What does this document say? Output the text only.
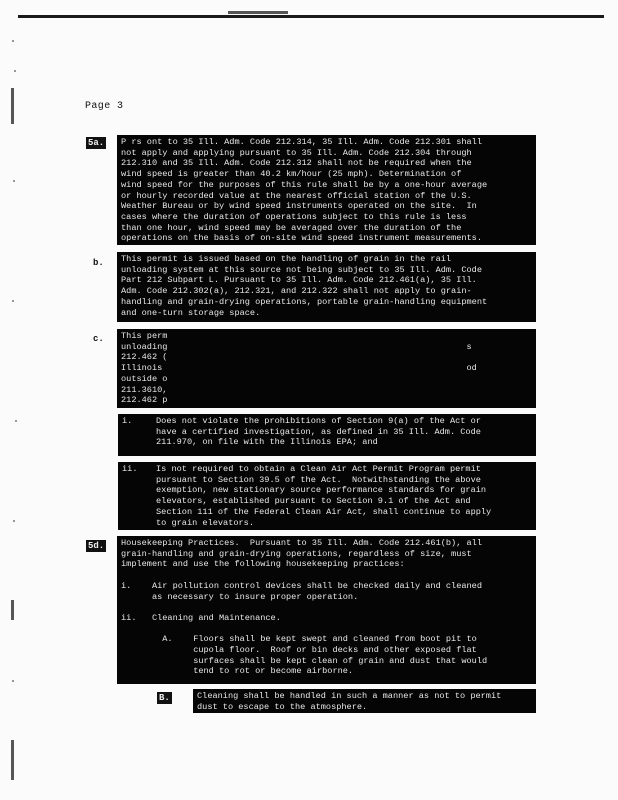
Page 3
5a. P rs ont to 35 Ill. Adm. Code 212.314, 35 Ill. Adm. Code 212.301 shall
not apply and applying pursuant to 35 Ill. Adm. Code 212.304 through
212.310 and 35 Ill. Adm. Code 212.312 shall not be required when the
wind speed is greater than 40.2 km/hour (25 mph). Determination of
wind speed for the purposes of this rule shall be by a one-hour average
or hourly recorded value at the nearest official station of the U.S.
Weather Bureau or by wind speed instruments operated on the site.  In
cases where the duration of operations subject to this rule is less
than one hour, wind speed may be averaged over the duration of the
operations on the basis of on-site wind speed instrument measurements.
b. This permit is issued based on the handling of grain in the rail
unloading system at this source not being subject to 35 Ill. Adm. Code
Part 212 Subpart L. Pursuant to 35 Ill. Adm. Code 212.461(a), 35 Ill.
Adm. Code 212.302(a), 212.321, and 212.322 shall not apply to grain-
handling and grain-drying operations, portable grain-handling equipment
and one-turn storage space.
c. This perm
unloading                                                          s
212.462 (
Illinois                                                           od
outside o
211.3610,
212.462 p
i.	Does not violate the prohibitions of Section 9(a) of the Act or
have a certified investigation, as defined in 35 Ill. Adm. Code
211.970, on file with the Illinois EPA; and
ii. Is not required to obtain a Clean Air Act Permit Program permit
pursuant to Section 39.5 of the Act.  Notwithstanding the above
exemption, new stationary source performance standards for grain
elevators, established pursuant to Section 9.1 of the Act and
Section 111 of the Federal Clean Air Act, shall continue to apply
to grain elevators.
5d. Housekeeping Practices.  Pursuant to 35 Ill. Adm. Code 212.461(b), all
grain-handling and grain-drying operations, regardless of size, must
implement and use the following housekeeping practices:

i.    Air pollution control devices shall be checked daily and cleaned
as necessary to insure proper operation.

ii.   Cleaning and Maintenance.

A.    Floors shall be kept swept and cleaned from boot pit to
cupola floor.  Roof or bin decks and other exposed flat
surfaces shall be kept clean of grain and dust that would
tend to rot or become airborne.
B.	Cleaning shall be handled in such a manner as not to permit
dust to escape to the atmosphere.
